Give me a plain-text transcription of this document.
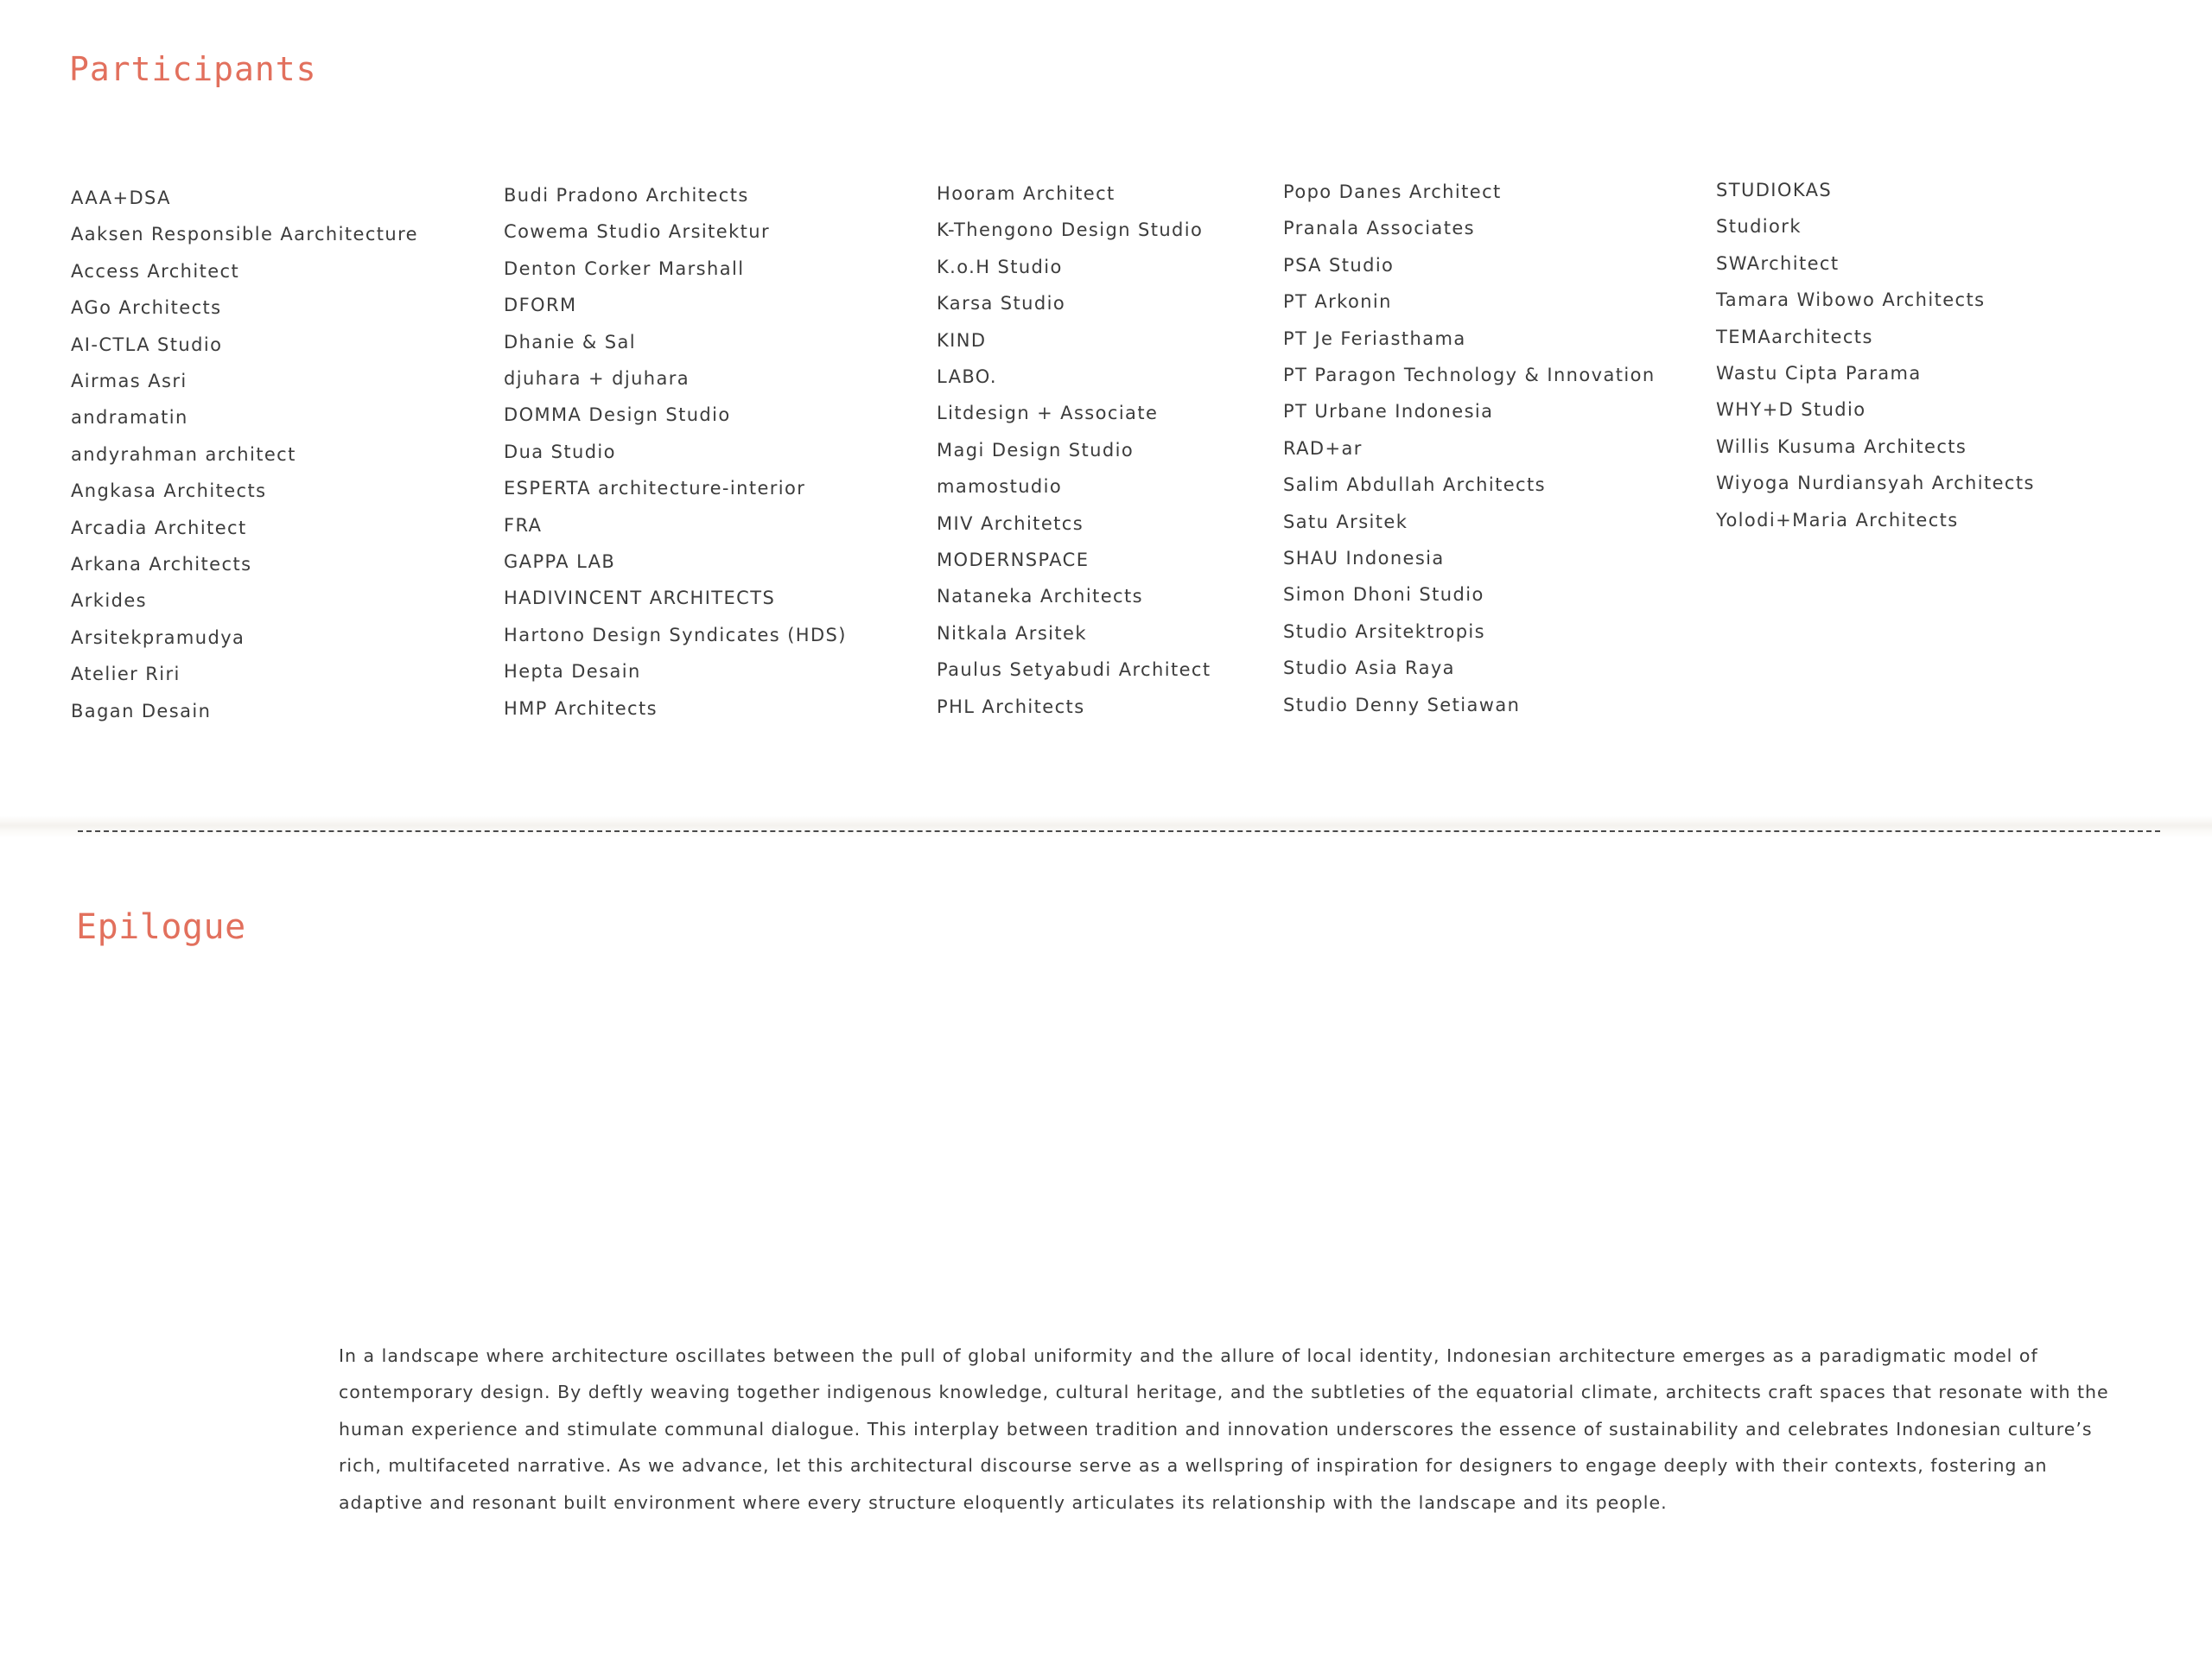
Participants
AAA+DSA
Aaksen Responsible Aarchitecture
Access Architect
AGo Architects
AI-CTLA Studio
Airmas Asri
andramatin
andyrahman architect
Angkasa Architects
Arcadia Architect
Arkana Architects
Arkides
Arsitekpramudya
Atelier Riri
Bagan Desain
Budi Pradono Architects
Cowema Studio Arsitektur
Denton Corker Marshall
DFORM
Dhanie & Sal
djuhara + djuhara
DOMMA Design Studio
Dua Studio
ESPERTA architecture-interior
FRA
GAPPA LAB
HADIVINCENT ARCHITECTS
Hartono Design Syndicates (HDS)
Hepta Desain
HMP Architects
Hooram Architect
K-Thengono Design Studio
K.o.H Studio
Karsa Studio
KIND
LABO.
Litdesign + Associate
Magi Design Studio
mamostudio
MIV Architetcs
MODERNSPACE
Nataneka Architects
Nitkala Arsitek
Paulus Setyabudi Architect
PHL Architects
Popo Danes Architect
Pranala Associates
PSA Studio
PT Arkonin
PT Je Feriasthama
PT Paragon Technology & Innovation
PT Urbane Indonesia
RAD+ar
Salim Abdullah Architects
Satu Arsitek
SHAU Indonesia
Simon Dhoni Studio
Studio Arsitektropis
Studio Asia Raya
Studio Denny Setiawan
STUDIOKAS
Studiork
SWArchitect
Tamara Wibowo Architects
TEMAarchitects
Wastu Cipta Parama
WHY+D Studio
Willis Kusuma Architects
Wiyoga Nurdiansyah Architects
Yolodi+Maria Architects
Epilogue

In a landscape where architecture oscillates between the pull of global uniformity and the allure of local identity, Indonesian architecture emerges as a paradigmatic model of contemporary design. By deftly weaving together indigenous knowledge, cultural heritage, and the subtleties of the equatorial climate, architects craft spaces that resonate with the human experience and stimulate communal dialogue. This interplay between tradition and innovation underscores the essence of sustainability and celebrates Indonesian culture’s rich, multifaceted narrative. As we advance, let this architectural discourse serve as a wellspring of inspiration for designers to engage deeply with their contexts, fostering an adaptive and resonant built environment where every structure eloquently articulates its relationship with the landscape and its people.
